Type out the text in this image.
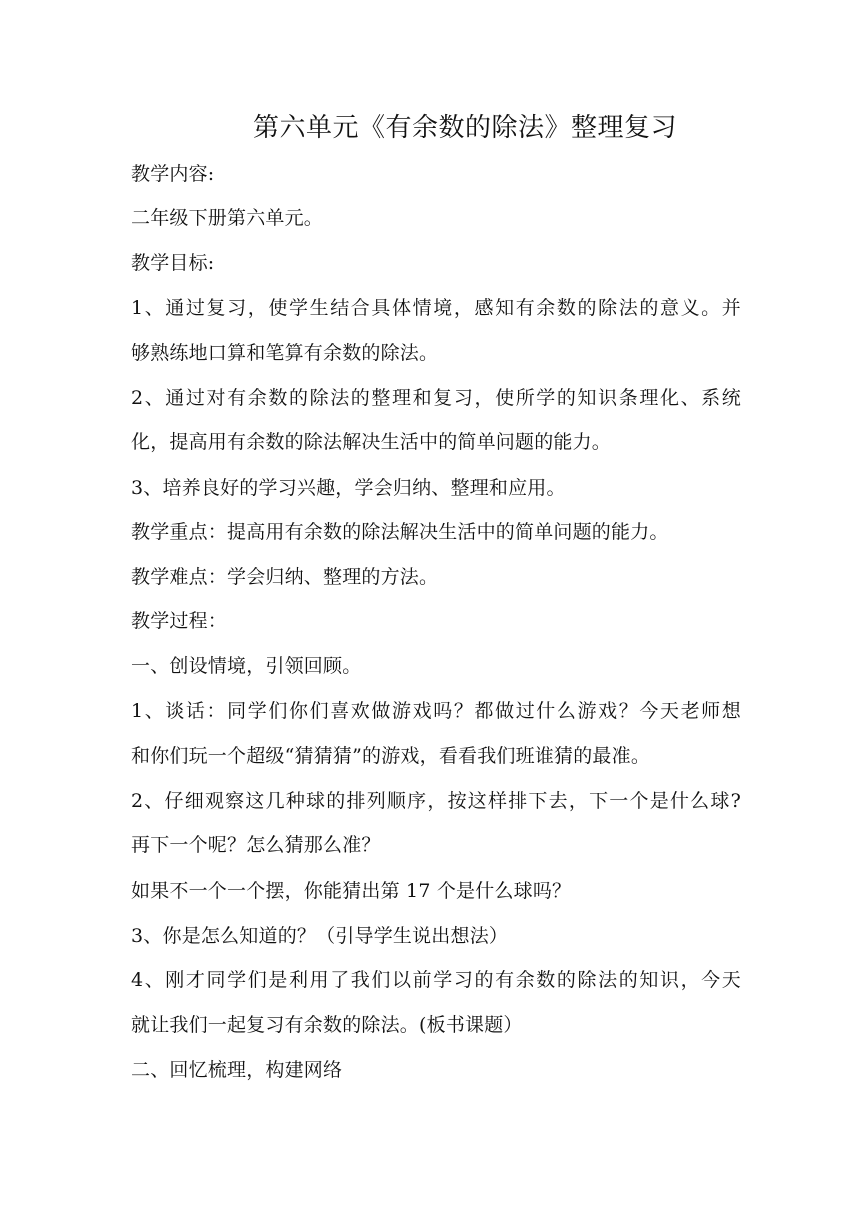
第六单元《有余数的除法》整理复习
教学内容:
二年级下册第六单元。
教学目标:
1、通过复习，使学生结合具体情境，感知有余数的除法的意义。并
够熟练地口算和笔算有余数的除法。
2、通过对有余数的除法的整理和复习，使所学的知识条理化、系统
化，提高用有余数的除法解决生活中的简单问题的能力。
3、培养良好的学习兴趣，学会归纳、整理和应用。
教学重点：提高用有余数的除法解决生活中的简单问题的能力。
教学难点：学会归纳、整理的方法。
教学过程：
一、创设情境，引领回顾。
1、谈话：同学们你们喜欢做游戏吗？都做过什么游戏？今天老师想
和你们玩一个超级“猜猜猜”的游戏，看看我们班谁猜的最准。
2、仔细观察这几种球的排列顺序，按这样排下去，下一个是什么球?
再下一个呢？怎么猜那么准？
如果不一个一个摆，你能猜出第 17 个是什么球吗？
3、你是怎么知道的？（引导学生说出想法）
4、刚才同学们是利用了我们以前学习的有余数的除法的知识，今天
就让我们一起复习有余数的除法。(板书课题）
二、回忆梳理，构建网络
